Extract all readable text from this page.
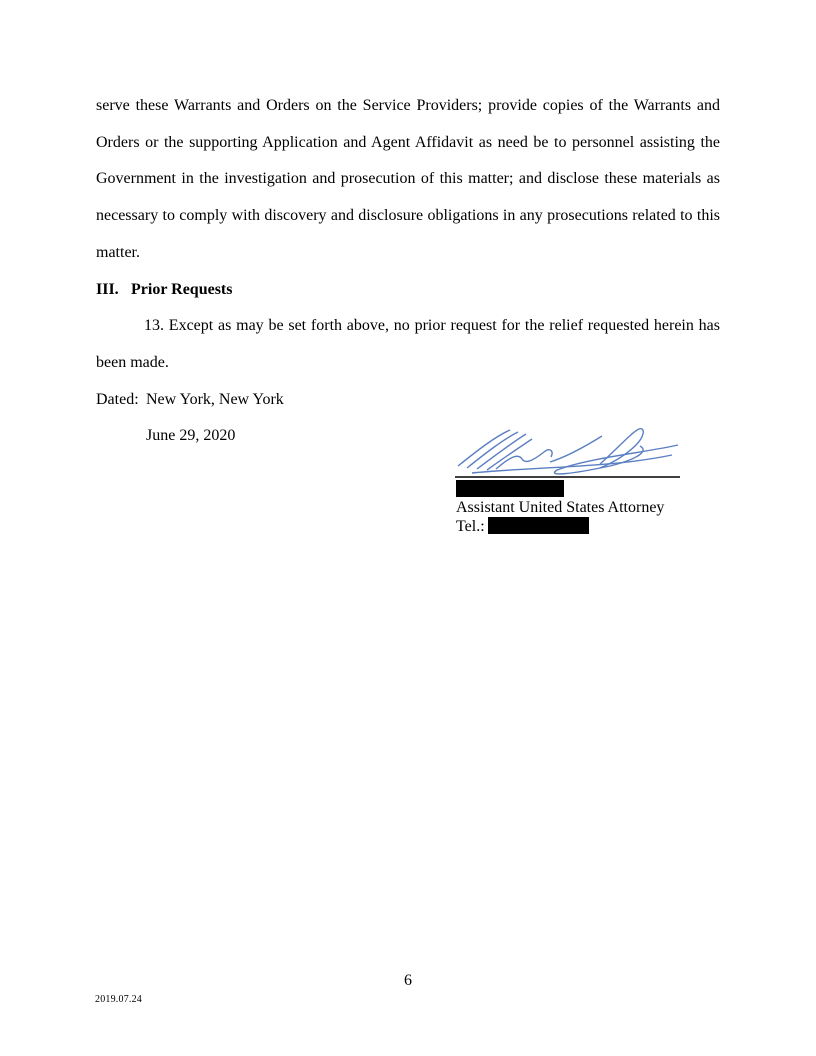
serve these Warrants and Orders on the Service Providers; provide copies of the Warrants and
Orders or the supporting Application and Agent Affidavit as need be to personnel assisting the
Government in the investigation and prosecution of this matter; and disclose these materials as
necessary to comply with discovery and disclosure obligations in any prosecutions related to this
matter.
III. Prior Requests
13. Except as may be set forth above, no prior request for the relief requested herein has
been made.
Dated: New York, New York
June 29, 2020
Assistant United States Attorney
Tel.:
6
2019.07.24
